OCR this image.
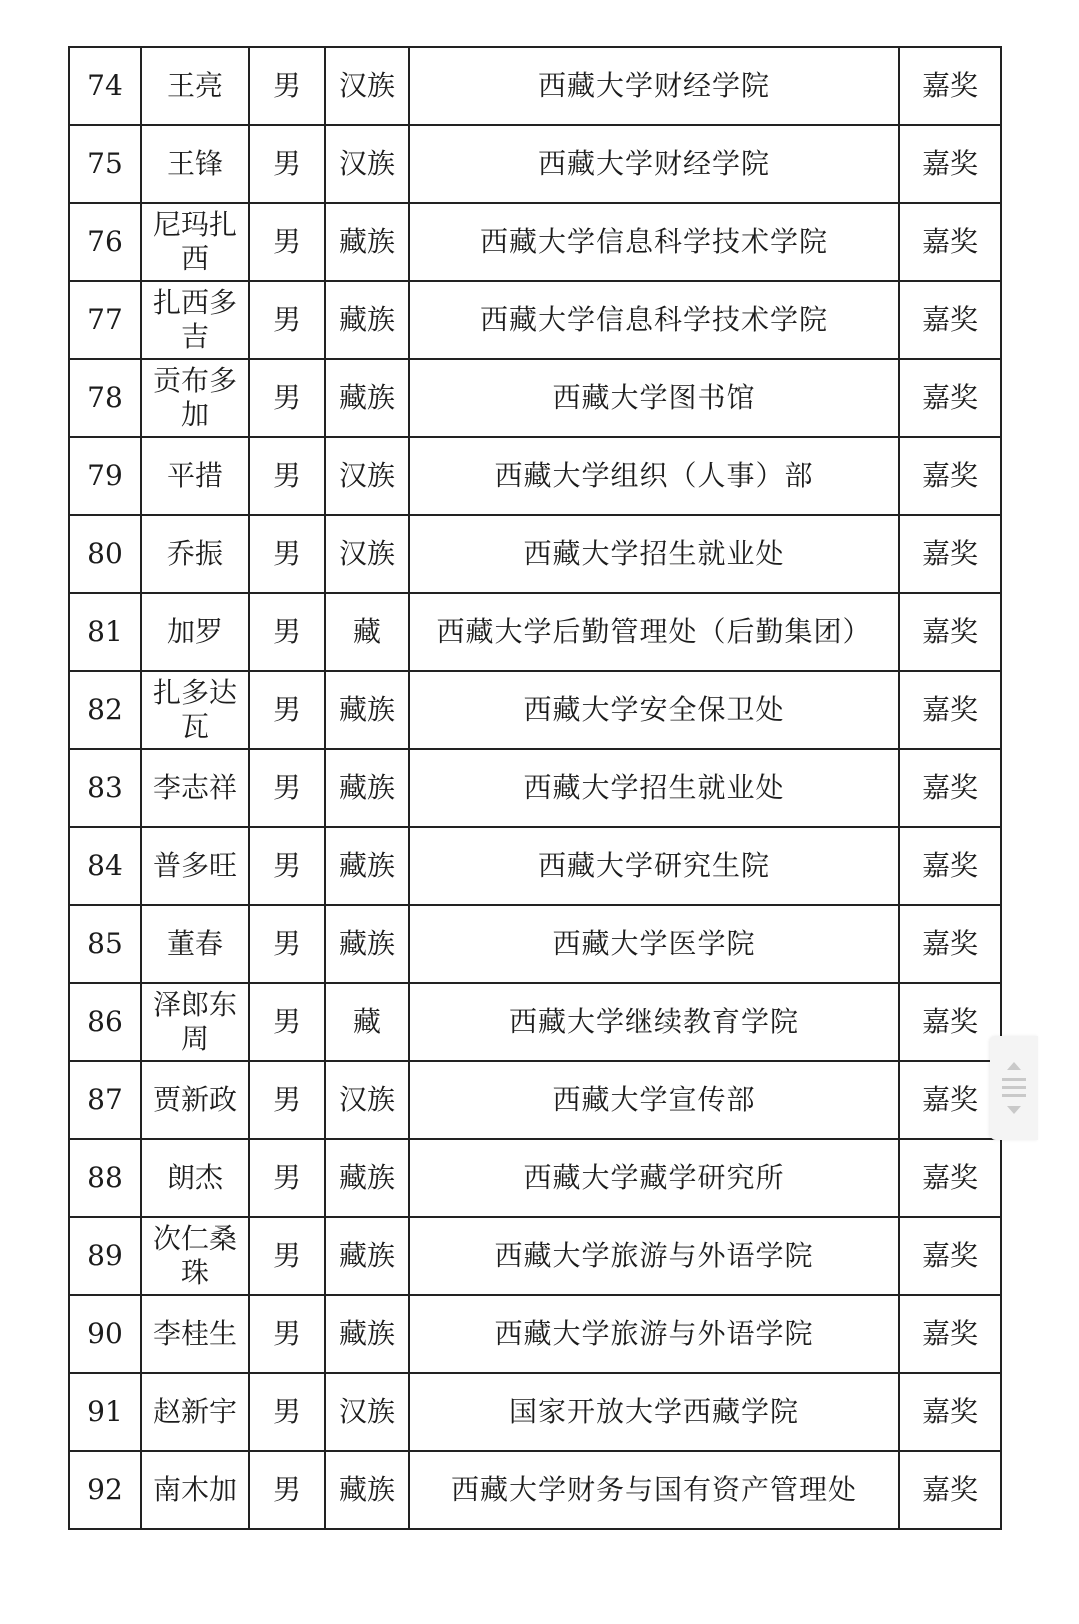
74	王亮	男	汉族	西藏大学财经学院	嘉奖
75	王锋	男	汉族	西藏大学财经学院	嘉奖
76	尼玛扎西	男	藏族	西藏大学信息科学技术学院	嘉奖
77	扎西多吉	男	藏族	西藏大学信息科学技术学院	嘉奖
78	贡布多加	男	藏族	西藏大学图书馆	嘉奖
79	平措	男	汉族	西藏大学组织（人事）部	嘉奖
80	乔振	男	汉族	西藏大学招生就业处	嘉奖
81	加罗	男	藏	西藏大学后勤管理处（后勤集团）	嘉奖
82	扎多达瓦	男	藏族	西藏大学安全保卫处	嘉奖
83	李志祥	男	藏族	西藏大学招生就业处	嘉奖
84	普多旺	男	藏族	西藏大学研究生院	嘉奖
85	董春	男	藏族	西藏大学医学院	嘉奖
86	泽郎东周	男	藏	西藏大学继续教育学院	嘉奖
87	贾新政	男	汉族	西藏大学宣传部	嘉奖
88	朗杰	男	藏族	西藏大学藏学研究所	嘉奖
89	次仁桑珠	男	藏族	西藏大学旅游与外语学院	嘉奖
90	李桂生	男	藏族	西藏大学旅游与外语学院	嘉奖
91	赵新宇	男	汉族	国家开放大学西藏学院	嘉奖
92	南木加	男	藏族	西藏大学财务与国有资产管理处	嘉奖
